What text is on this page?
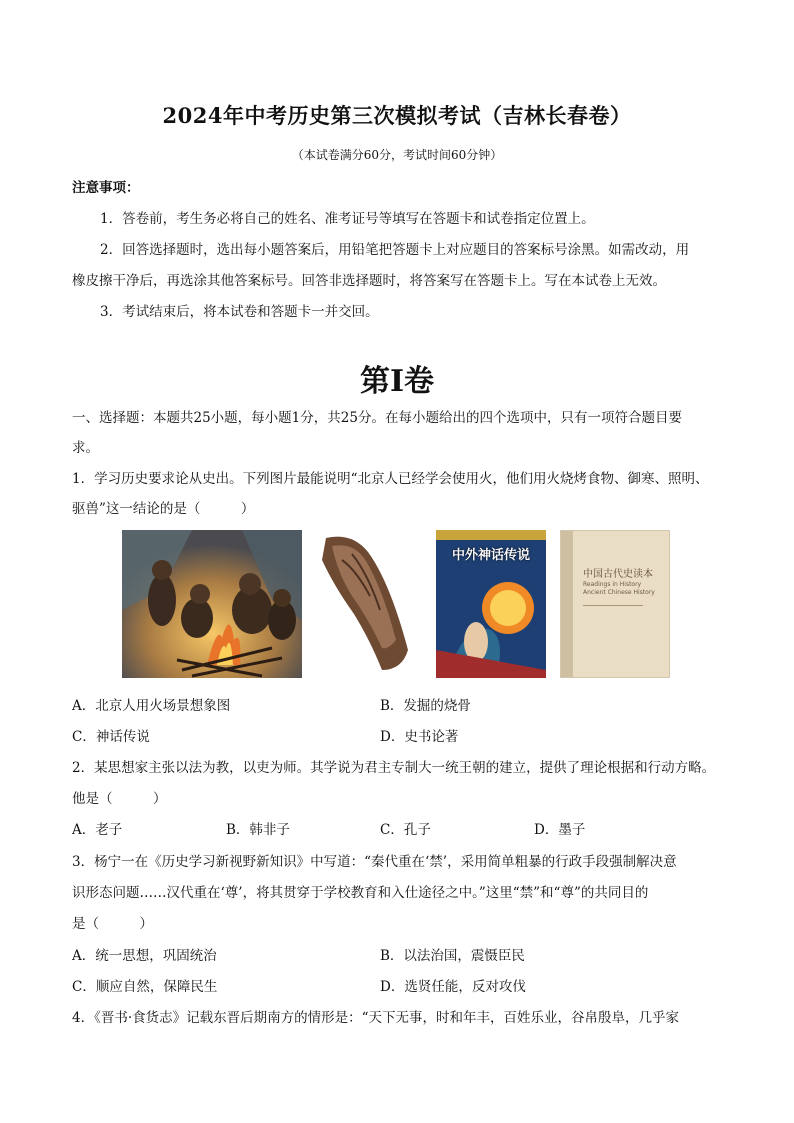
2024年中考历史第三次模拟考试（吉林长春卷）
（本试卷满分60分，考试时间60分钟）
注意事项：
1．答卷前，考生务必将自己的姓名、准考证号等填写在答题卡和试卷指定位置上。
2．回答选择题时，选出每小题答案后，用铅笔把答题卡上对应题目的答案标号涂黑。如需改动，用
橡皮擦干净后，再选涂其他答案标号。回答非选择题时，将答案写在答题卡上。写在本试卷上无效。
3．考试结束后，将本试卷和答题卡一并交回。
第Ⅰ卷
一、选择题：本题共25小题，每小题1分，共25分。在每小题给出的四个选项中，只有一项符合题目要
求。
1．学习历史要求论从史出。下列图片最能说明“北京人已经学会使用火，他们用火烧烤食物、御寒、照明、
驱兽”这一结论的是（　　　）
中外神话传说
中国古代史读本
Readings in History Ancient Chinese History
A．北京人用火场景想象图	B．发掘的烧骨
C．神话传说	D．史书论著
2．某思想家主张以法为教，以吏为师。其学说为君主专制大一统王朝的建立，提供了理论根据和行动方略。
他是（　　　）
A．老子	B．韩非子	C．孔子	D．墨子
3．杨宁一在《历史学习新视野新知识》中写道：“秦代重在‘禁’，采用简单粗暴的行政手段强制解决意
识形态问题……汉代重在‘尊’，将其贯穿于学校教育和入仕途径之中。”这里“禁”和“尊”的共同目的
是（　　　）
A．统一思想，巩固统治	B．以法治国，震慑臣民
C．顺应自然，保障民生	D．选贤任能，反对攻伐
4．《晋书·食货志》记载东晋后期南方的情形是：“天下无事，时和年丰，百姓乐业，谷帛殷阜，几乎家
